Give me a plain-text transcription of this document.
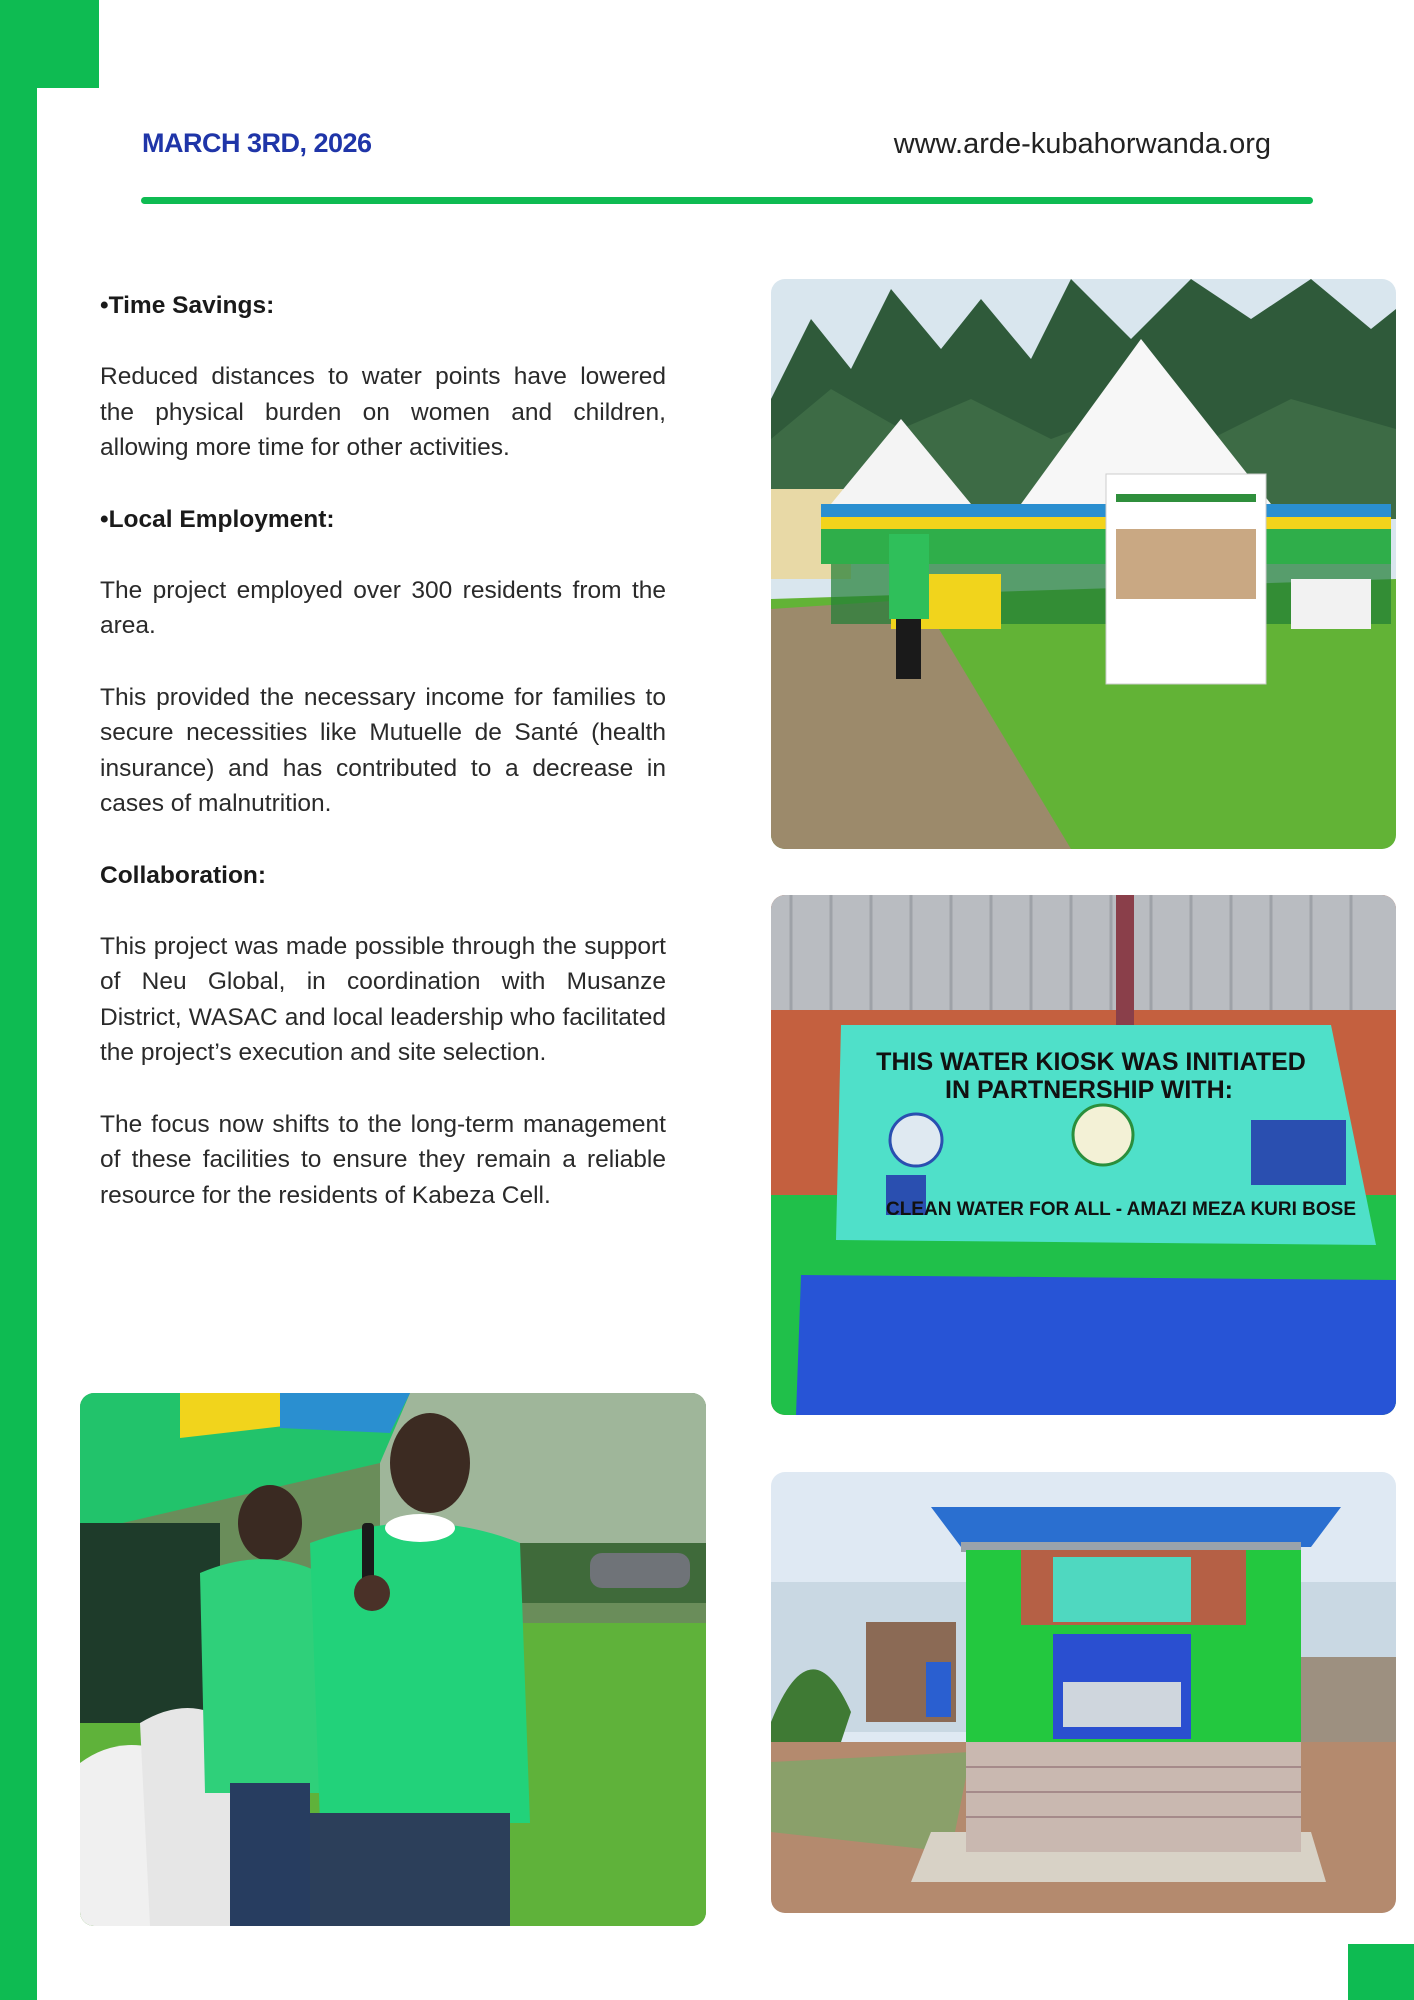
MARCH 3RD, 2026	www.arde-kubahorwanda.org
•Time Savings:

Reduced distances to water points have lowered the physical burden on women and children, allowing more time for other activities.

•Local Employment:

The project employed over 300 residents from the area.

This provided the necessary income for families to secure necessities like Mutuelle de Santé (health insurance) and has contributed to a decrease in cases of malnutrition.

Collaboration:

This project was made possible through the support of Neu Global, in coordination with Musanze District, WASAC and local leadership who facilitated the project’s execution and site selection.

The focus now shifts to the long-term management of these facilities to ensure they remain a reliable resource for the residents of Kabeza Cell.

THIS WATER KIOSK WAS INITIATED
IN PARTNERSHIP WITH:
CLEAN WATER FOR ALL - AMAZI MEZA KURI BOSE
